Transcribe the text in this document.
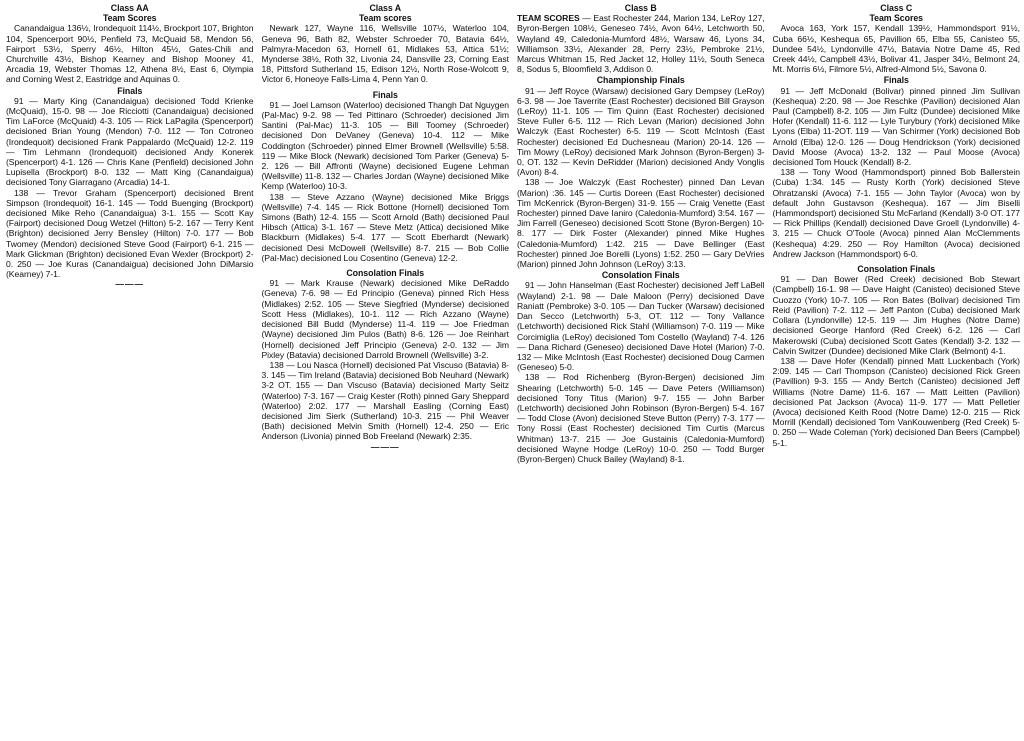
Class AA
Team Scores

Canandaigua 136½, Irondequoit 114½, Brockport 107, Brighton 104, Spencerport 90½, Penfield 73, McQuaid 58, Mendon 56, Fairport 53½, Sperry 46½, Hilton 45½, Gates-Chili and Churchville 43½, Bishop Kearney and Bishop Mooney 41, Arcadia 19, Webster Thomas 12, Athena 8½, East 6, Olympia and Corning West 2, Eastridge and Aquinas 0.

Finals

91 — Marty King (Canandaigua) decisioned Todd Krienke (McQuaid), 15-0. 98 — Joe Ricciotti (Canandaigua) decisioned Tim LaForce (McQuaid) 4-3. 105 — Rick LaPagila (Spencerport) decisioned Brian Young (Mendon) 7-0. 112 — Ton Cotroneo (Irondequoit) decisioned Frank Pappalardo (McQuaid) 12-2. 119 — Tim Lehmann (Irondequoit) decisioned Andy Konerek (Spencerport) 4-1. 126 — Chris Kane (Penfield) decisioned John Lupisella (Brockport) 8-0. 132 — Matt King (Canandaigua) decisioned Tony Giarragano (Arcadia) 14-1.

138 — Trevor Graham (Spencerport) decisioned Brent Simpson (Irondequoit) 16-1. 145 — Todd Buenging (Brockport) decisioned Mike Reho (Canandaigua) 3-1. 155 — Scott Kay (Fairport) decisioned Doug Wetzel (Hilton) 5-2. 167 — Terry Kent (Brighton) decisioned Jerry Bensley (Hilton) 7-0. 177 — Bob Twomey (Mendon) decisioned Steve Good (Fairport) 6-1. 215 — Mark Glickman (Brighton) decisioned Evan Wexler (Brockport) 2-0. 250 — Joe Kuras (Canandaigua) decisioned John DiMarsio (Kearney) 7-1.

———
Class A
Team scores

Newark 127, Wayne 116, Wellsville 107½, Waterloo 104, Geneva 96, Bath 82, Webster Schroeder 70, Batavia 64½, Palmyra-Macedon 63, Hornell 61, Midlakes 53, Attica 51½; Mynderse 38½, Roth 32, Livonia 24, Dansville 23, Corning East 18, Pittsford Sutherland 15, Edison 12½, North Rose-Wolcott 9, Victor 6, Honeoye Falls-Lima 4, Penn Yan 0.

Finals

91 — Joel Lamson (Waterloo) decisioned Thangh Dat Nguygen (Pal-Mac) 9-2. 98 — Ted Pittinaro (Schroeder) decisioned Jim Santini (Pal-Mac) 11-3. 105 — Bill Toomey (Schroeder) decisioned Don DeVaney (Geneva) 10-4. 112 — Mike Coddington (Schroeder) pinned Elmer Brownell (Wellsville) 5:58. 119 — Mike Block (Newark) decisioned Tom Parker (Geneva) 5-2. 126 — Bill Affronti (Wayne) decisioned Eugene Lehman (Wellsville) 11-8. 132 — Charles Jordan (Wayne) decisioned Mike Kemp (Waterloo) 10-3.

138 — Steve Azzano (Wayne) decisioned Mike Briggs (Wellsville) 7-4. 145 — Rick Bottone (Hornell) decisioned Tom Simons (Bath) 12-4. 155 — Scott Arnold (Bath) decisioned Paul Hibsch (Attica) 3-1. 167 — Steve Metz (Attica) decisioned Mike Blackburn (Midlakes) 5-4. 177 — Scott Eberhardt (Newark) decisioned Desi McDowell (Wellsville) 8-7. 215 — Bob Collie (Pal-Mac) decisioned Lou Cosentino (Geneva) 12-2.

Consolation Finals

91 — Mark Krause (Newark) decisioned Mike DeRaddo (Geneva) 7-6. 98 — Ed Principio (Geneva) pinned Rich Hess (Midlakes) 2:52. 105 — Steve Siegfried (Mynderse) decisioned Scott Hess (Midlakes), 10-1. 112 — Rich Azzano (Wayne) decisioned Bill Budd (Mynderse) 11-4. 119 — Joe Friedman (Wayne) decisioned Jim Pulos (Bath) 8-6. 126 — Joe Reinhart (Hornell) decisioned Jeff Principio (Geneva) 2-0. 132 — Jim Pixley (Batavia) decisioned Darrold Brownell (Wellsville) 3-2.

138 — Lou Nasca (Hornell) decisioned Pat Viscuso (Batavia) 8-3. 145 — Tim Ireland (Batavia) decisioned Bob Neuhard (Newark) 3-2 OT. 155 — Dan Viscuso (Batavia) decisioned Marty Seitz (Waterloo) 7-3. 167 — Craig Kester (Roth) pinned Gary Sheppard (Waterloo) 2:02. 177 — Marshall Easling (Corning East) decisioned Jim Sierk (Sutherland) 10-3. 215 — Phil Weaver (Bath) decisioned Melvin Smith (Hornell) 12-4. 250 — Eric Anderson (Livonia) pinned Bob Freeland (Newark) 2:35.

———
Class B

TEAM SCORES — East Rochester 244, Marion 134, LeRoy 127, Byron-Bergen 108½, Geneseo 74½, Avon 64½, Letchworth 50, Wayland 49, Caledonia-Mumford 48½, Warsaw 46, Lyons 34, Williamson 33½, Alexander 28, Perry 23½, Pembroke 21½, Marcus Whitman 15, Red Jacket 12, Holley 11½, South Seneca 8, Sodus 5, Bloomfield 3, Addison 0.

Championship Finals

91 — Jeff Royce (Warsaw) decisioned Gary Dempsey (LeRoy) 6-3. 98 — Joe Taverrite (East Rochester) decisioned Bill Grayson (LeRoy) 11-1. 105 — Tim Quinn (East Rochester) decisioned Steve Fuller 6-5. 112 — Rich Levan (Marion) decisioned John Walczyk (East Rochester) 6-5. 119 — Scott McIntosh (East Rochester) decisioned Ed Duchesneau (Marion) 20-14. 126 — Tim Mowry (LeRoy) decisioned Mark Johnson (Byron-Bergen) 3-0, OT. 132 — Kevin DeRidder (Marion) decisioned Andy Vonglis (Avon) 8-4.

138 — Joe Walczyk (East Rochester) pinned Dan Levan (Marion) :36. 145 — Curtis Doreen (East Rochester) decisioned Tim McKenrick (Byron-Bergen) 31-9. 155 — Craig Venette (East Rochester) pinned Dave Ianiro (Caledonia-Mumford) 3:54. 167 — Jim Farrell (Geneseo) decisioned Scott Stone (Byron-Bergen) 10-8. 177 — Dirk Foster (Alexander) pinned Mike Hughes (Caledonia-Mumford) 1:42. 215 — Dave Bellinger (East Rochester) pinned Joe Borelli (Lyons) 1:52. 250 — Gary DeVries (Marion) pinned John Johnson (LeRoy) 3:13.

Consolation Finals

91 — John Hanselman (East Rochester) decisioned Jeff LaBell (Wayland) 2-1. 98 — Dale Maloon (Perry) decisioned Dave Raniatt (Pembroke) 3-0. 105 — Dan Tucker (Warsaw) decisioned Dan Secco (Letchworth) 5-3, OT. 112 — Tony Vallance (Letchworth) decisioned Rick Stahl (Williamson) 7-0. 119 — Mike Corcimiglia (LeRoy) decisioned Tom Costello (Wayland) 7-4. 126 — Dana Richard (Geneseo) decisioned Dave Hotel (Marion) 7-0. 132 — Mike McIntosh (East Rochester) decisioned Doug Carmen (Geneseo) 5-0.

138 — Rod Richenberg (Byron-Bergen) decisioned Jim Shearing (Letchworth) 5-0. 145 — Dave Peters (Williamson) decisioned Tony Titus (Marion) 9-7. 155 — John Barber (Letchworth) decisioned John Robinson (Byron-Bergen) 5-4. 167 — Todd Close (Avon) decisioned Steve Button (Perry) 7-3. 177 — Tony Rossi (East Rochester) decisioned Tim Curtis (Marcus Whitman) 13-7. 215 — Joe Gustainis (Caledonia-Mumford) decisioned Wayne Hodge (LeRoy) 10-0. 250 — Todd Burger (Byron-Bergen) Chuck Bailey (Wayland) 8-1.

Class C
Team Scores

Avoca 163, York 157, Kendall 139½, Hammondsport 91½, Cuba 66½, Keshequa 65, Pavillion 65, Elba 55, Canisteo 55, Dundee 54½, Lyndonville 47½, Batavia Notre Dame 45, Red Creek 44½, Campbell 43½, Bolivar 41, Jasper 34½, Belmont 24, Mt. Morris 6½, Filmore 5½, Alfred-Almond 5½, Savona 0.

Finals

91 — Jeff McDonald (Bolivar) pinned pinned Jim Sullivan (Keshequa) 2:20. 98 — Joe Reschke (Pavilion) decisioned Alan Paul (Campbell) 8-2. 105 — Jim Fultz (Dundee) decisioned Mike Hofer (Kendall) 11-6. 112 — Lyle Turybury (York) decisioned Mike Lyons (Elba) 11-2OT. 119 — Van Schirmer (York) decisioned Bob Arnold (Elba) 12-0. 126 — Doug Hendrickson (York) decisioned David Moose (Avoca) 13-2. 132 — Paul Moose (Avoca) decisioned Tom Houck (Kendall) 8-2.

138 — Tony Wood (Hammondsport) pinned Bob Ballerstein (Cuba) 1:34. 145 — Rusty Korth (York) decisioned Steve Ohratzanski (Avoca) 7-1. 155 — John Taylor (Avoca) won by default John Gustavson (Keshequa). 167 — Jim Biselli (Hammondsport) decisioned Stu McFarland (Kendall) 3-0 OT. 177 — Rick Phillips (Kendall) decisioned Dave Groell (Lyndonville) 4-3. 215 — Chuck O'Toole (Avoca) pinned Alan McClemments (Keshequa) 4:29. 250 — Roy Hamilton (Avoca) decisioned Andrew Jackson (Hammondsport) 6-0.

Consolation Finals

91 — Dan Bower (Red Creek) decisioned Bob Stewart (Campbell) 16-1. 98 — Dave Haight (Canisteo) decisioned Steve Cuozzo (York) 10-7. 105 — Ron Bates (Bolivar) decisioned Tim Reid (Pavilion) 7-2. 112 — Jeff Panton (Cuba) decisioned Mark Collara (Lyndonville) 12-5. 119 — Jim Hughes (Notre Dame) decisioned George Hanford (Red Creek) 6-2. 126 — Carl Makerowski (Cuba) decisioned Scott Gates (Kendall) 3-2. 132 — Calvin Switzer (Dundee) decisioned Mike Clark (Belmont) 4-1.

138 — Dave Hofer (Kendall) pinned Matt Luckenbach (York) 2:09. 145 — Carl Thompson (Canisteo) decisioned Rick Green (Pavillion) 9-3. 155 — Andy Bertch (Canisteo) decisioned Jeff Williams (Notre Dame) 11-6. 167 — Matt Leitten (Pavilion) decisioned Pat Jackson (Avoca) 11-9. 177 — Matt Pelletier (Avoca) decisioned Keith Rood (Notre Dame) 12-0. 215 — Rick Morrill (Kendall) decisioned Tom VanKouwenberg (Red Creek) 5-0. 250 — Wade Coleman (York) decisioned Dan Beers (Campbel) 5-1.
